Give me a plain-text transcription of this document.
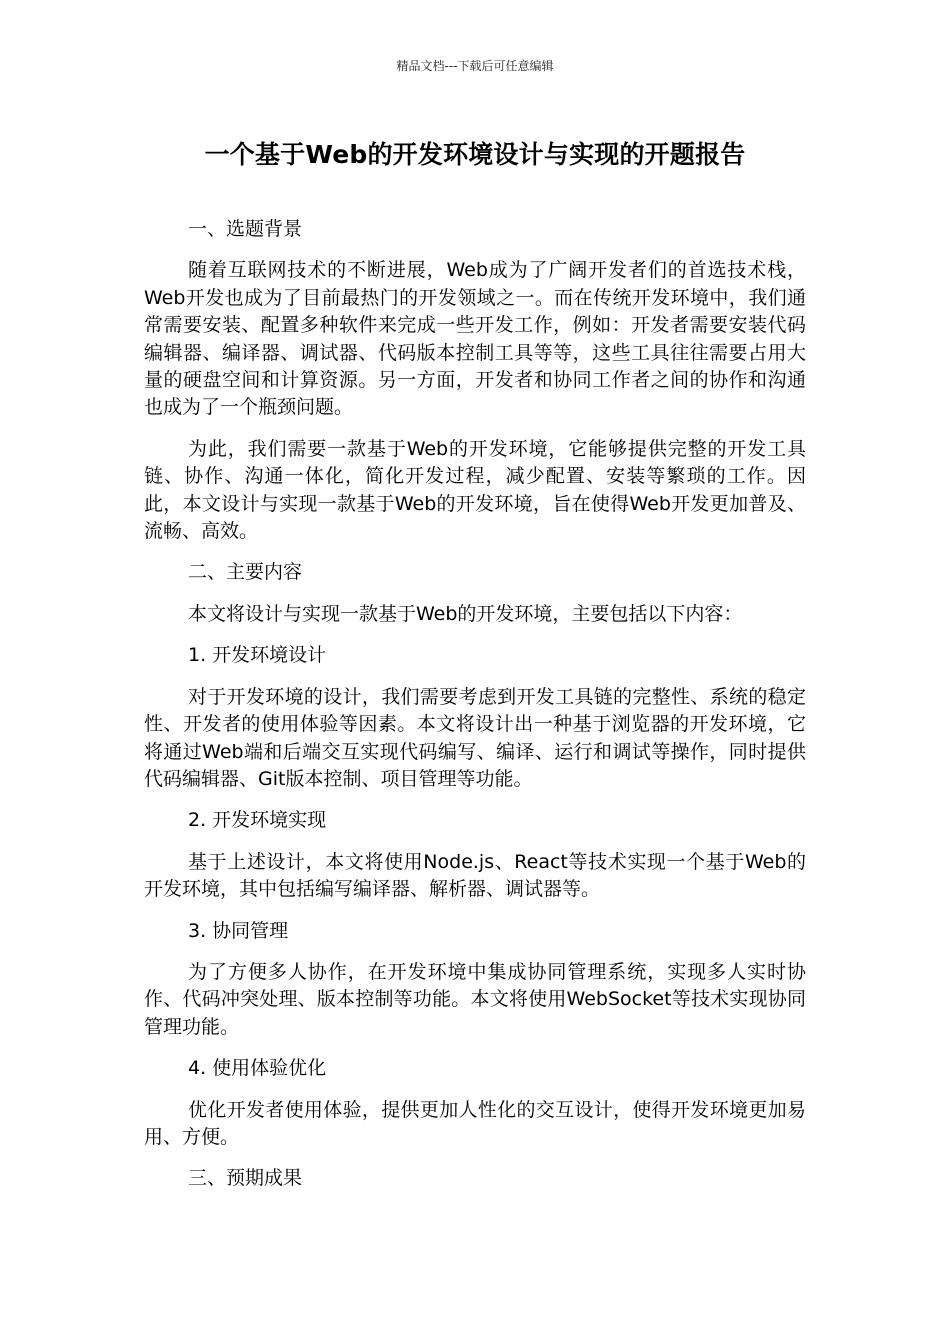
精品文档---下载后可任意编辑
一个基于Web的开发环境设计与实现的开题报告

一、选题背景

随着互联网技术的不断进展，Web成为了广阔开发者们的首选技术栈，Web开发也成为了目前最热门的开发领域之一。而在传统开发环境中，我们通常需要安装、配置多种软件来完成一些开发工作，例如：开发者需要安装代码编辑器、编译器、调试器、代码版本控制工具等等，这些工具往往需要占用大量的硬盘空间和计算资源。另一方面，开发者和协同工作者之间的协作和沟通也成为了一个瓶颈问题。

为此，我们需要一款基于Web的开发环境，它能够提供完整的开发工具链、协作、沟通一体化，简化开发过程，减少配置、安装等繁琐的工作。因此，本文设计与实现一款基于Web的开发环境，旨在使得Web开发更加普及、流畅、高效。

二、主要内容

本文将设计与实现一款基于Web的开发环境，主要包括以下内容：

1. 开发环境设计

对于开发环境的设计，我们需要考虑到开发工具链的完整性、系统的稳定性、开发者的使用体验等因素。本文将设计出一种基于浏览器的开发环境，它将通过Web端和后端交互实现代码编写、编译、运行和调试等操作，同时提供代码编辑器、Git版本控制、项目管理等功能。

2. 开发环境实现

基于上述设计，本文将使用Node.js、React等技术实现一个基于Web的开发环境，其中包括编写编译器、解析器、调试器等。

3. 协同管理

为了方便多人协作，在开发环境中集成协同管理系统，实现多人实时协作、代码冲突处理、版本控制等功能。本文将使用WebSocket等技术实现协同管理功能。

4. 使用体验优化

优化开发者使用体验，提供更加人性化的交互设计，使得开发环境更加易用、方便。

三、预期成果
